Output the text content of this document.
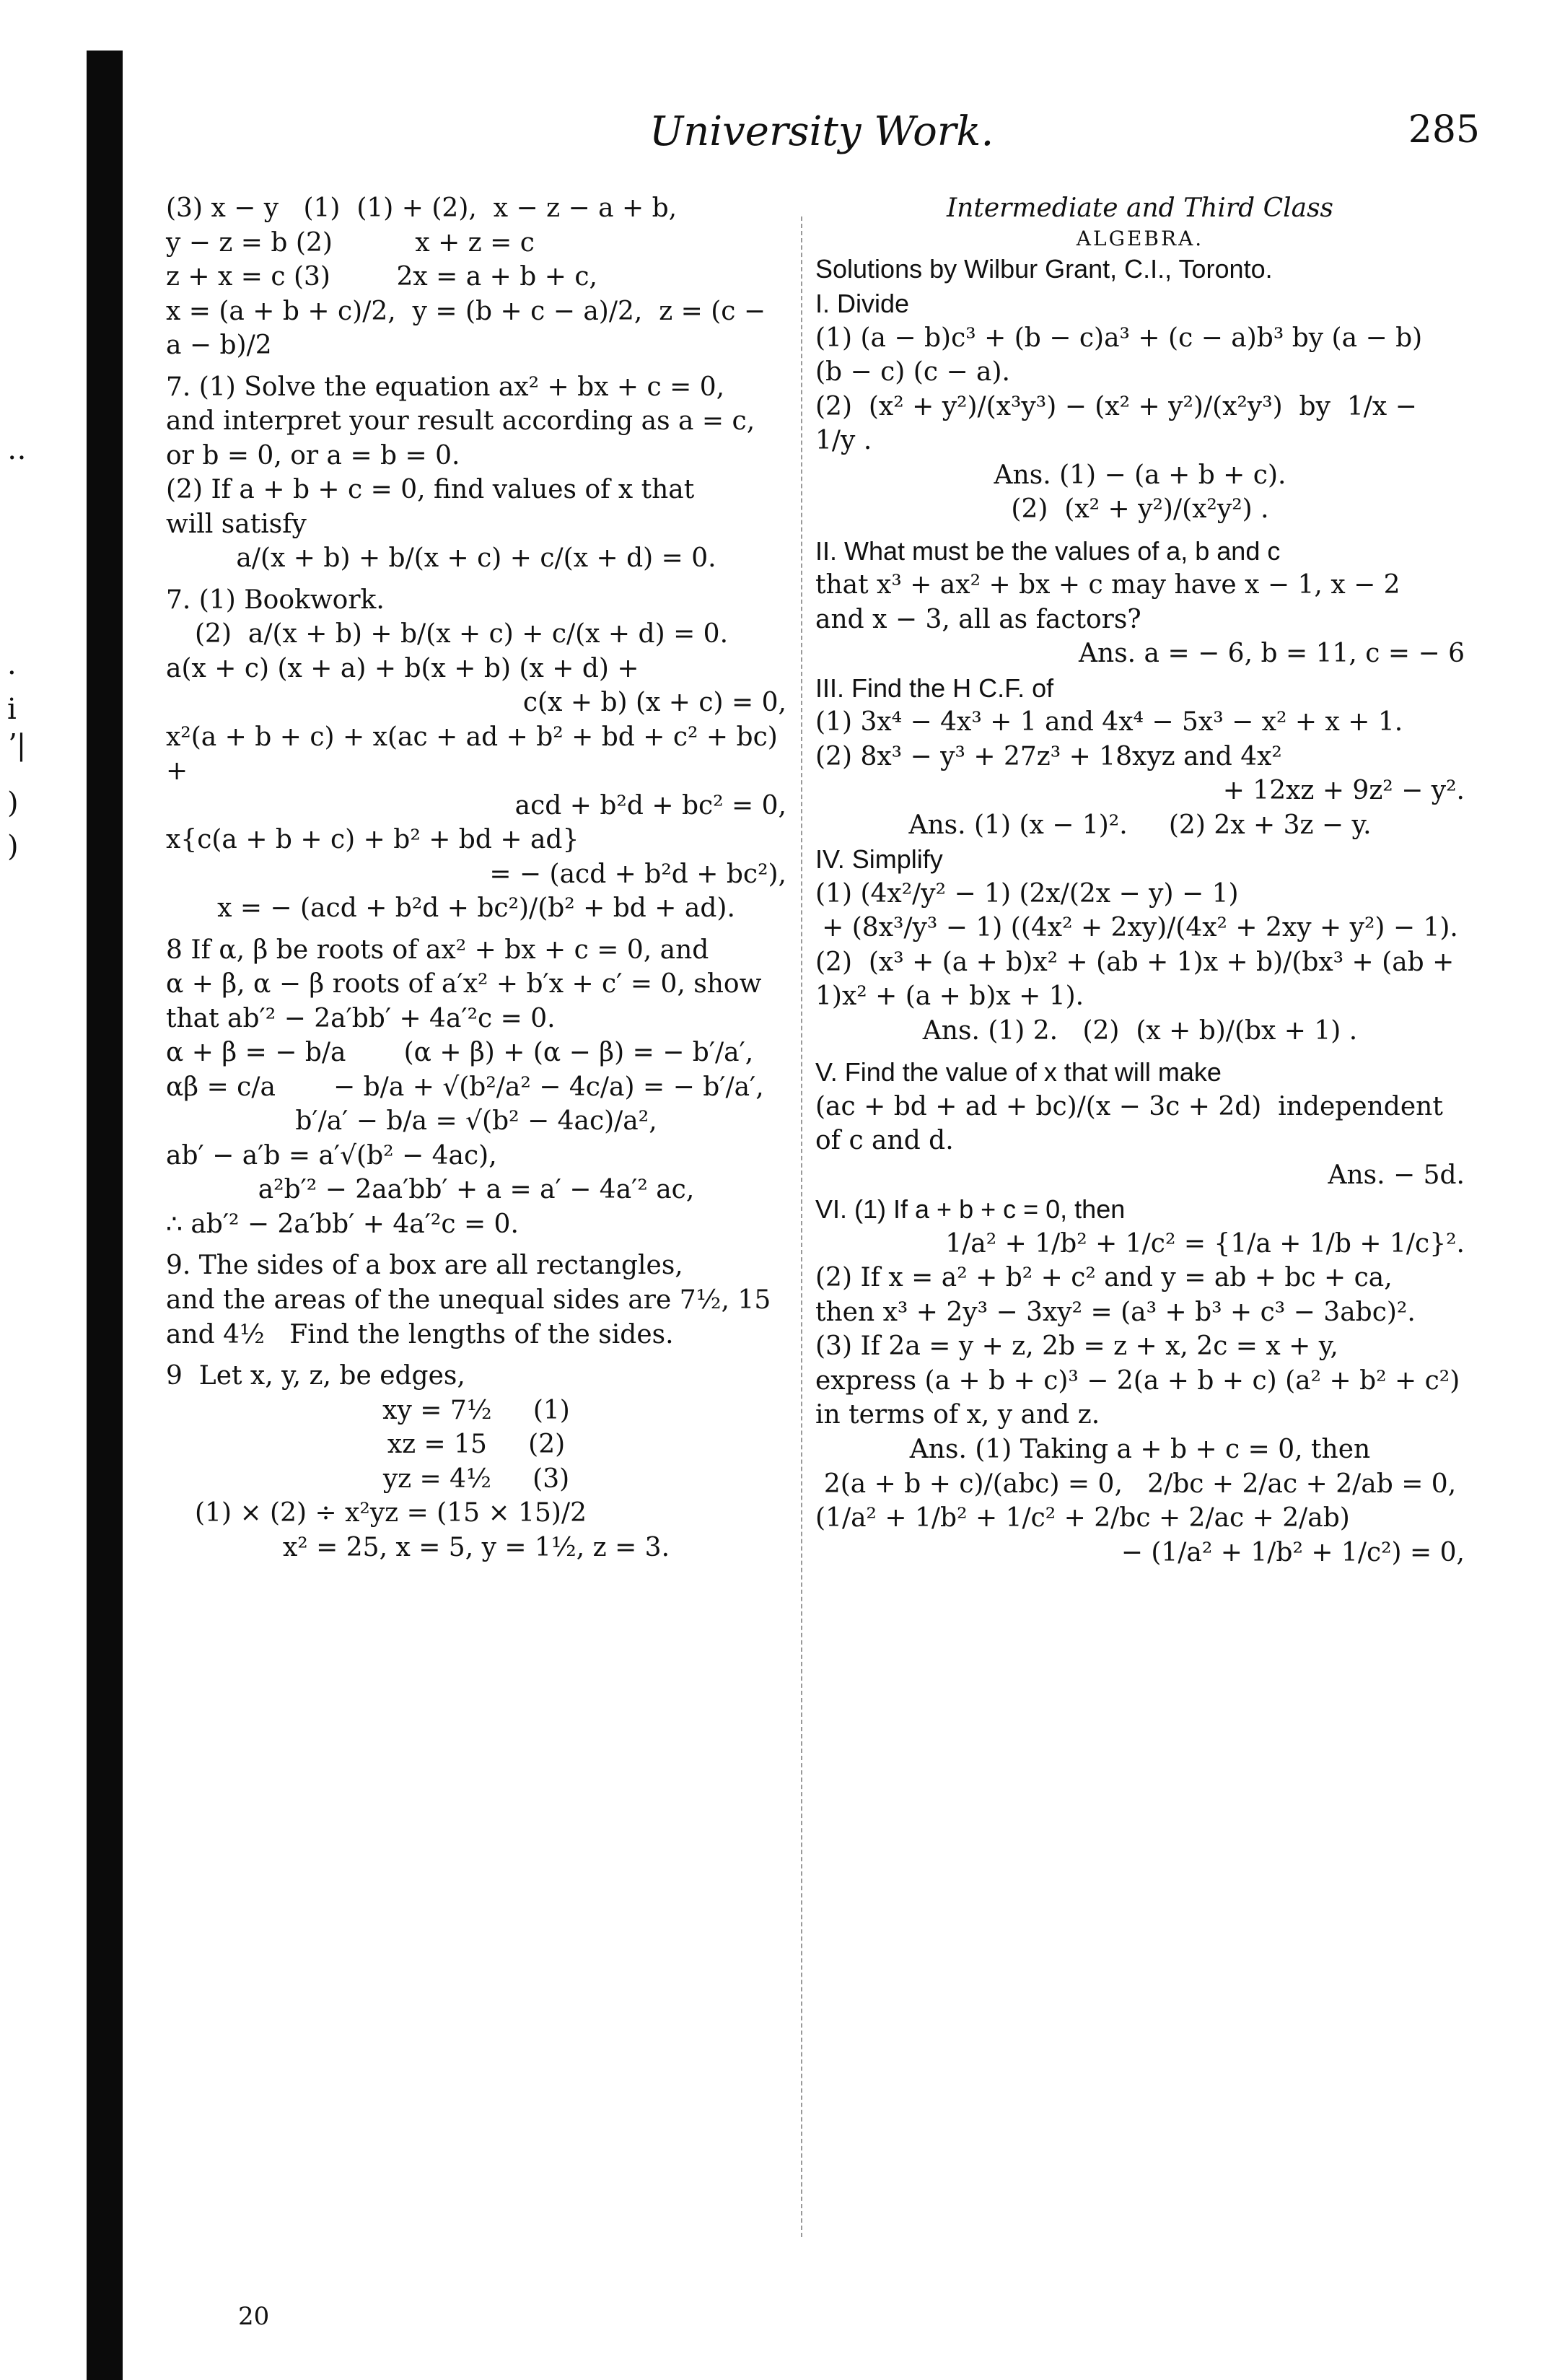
‥
·
i
ʼ|
)
)
University Work.	285

(3) x − y   (1)  (1) + (2),  x − z − a + b,

y − z = b (2)          x + z = c

z + x = c (3)        2x = a + b + c,

x = (a + b + c)/2,  y = (b + c − a)/2,  z = (c − a − b)/2

7. (1) Solve the equation ax² + bx + c = 0,

and interpret your result according as a = c,

or b = 0, or a = b = 0.

(2) If a + b + c = 0, find values of x that

will satisfy

a/(x + b) + b/(x + c) + c/(x + d) = 0.

7. (1) Bookwork.

(2)  a/(x + b) + b/(x + c) + c/(x + d) = 0.

a(x + c) (x + a) + b(x + b) (x + d) +

c(x + b) (x + c) = 0,

x²(a + b + c) + x(ac + ad + b² + bd + c² + bc) +

acd + b²d + bc² = 0,

x{c(a + b + c) + b² + bd + ad}

= − (acd + b²d + bc²),

x = − (acd + b²d + bc²)/(b² + bd + ad).

8 If α, β be roots of ax² + bx + c = 0, and

α + β, α − β roots of a′x² + b′x + c′ = 0, show

that ab′² − 2a′bb′ + 4a′²c = 0.

α + β = − b/a       (α + β) + (α − β) = − b′/a′,

αβ = c/a       − b/a + √(b²/a² − 4c/a) = − b′/a′,

b′/a′ − b/a = √(b² − 4ac)/a²,

ab′ − a′b = a′√(b² − 4ac),

a²b′² − 2aa′bb′ + a = a′ − 4a′² ac,

∴ ab′² − 2a′bb′ + 4a′²c = 0.

9. The sides of a box are all rectangles,

and the areas of the unequal sides are 7½, 15

and 4½   Find the lengths of the sides.

9  Let x, y, z, be edges,

xy = 7½     (1)

xz = 15     (2)

yz = 4½     (3)

(1) × (2) ÷ x²yz = (15 × 15)/2

x² = 25, x = 5, y = 1½, z = 3.

Intermediate and Third Class

ALGEBRA.

Solutions by Wilbur Grant, C.I., Toronto.

I. Divide

(1) (a − b)c³ + (b − c)a³ + (c − a)b³ by (a − b)

(b − c) (c − a).

(2)  (x² + y²)/(x³y³) − (x² + y²)/(x²y³)  by  1/x − 1/y .

Ans. (1) − (a + b + c).

(2)  (x² + y²)/(x²y²) .

II. What must be the values of a, b and c

that x³ + ax² + bx + c may have x − 1, x − 2

and x − 3, all as factors?

Ans. a = − 6, b = 11, c = − 6

III. Find the H C.F. of

(1) 3x⁴ − 4x³ + 1 and 4x⁴ − 5x³ − x² + x + 1.

(2) 8x³ − y³ + 27z³ + 18xyz and 4x²

+ 12xz + 9z² − y².

Ans. (1) (x − 1)².     (2) 2x + 3z − y.

IV. Simplify

(1) (4x²/y² − 1) (2x/(2x − y) − 1)

+ (8x³/y³ − 1) ((4x² + 2xy)/(4x² + 2xy + y²) − 1).

(2)  (x³ + (a + b)x² + (ab + 1)x + b)/(bx³ + (ab + 1)x² + (a + b)x + 1).

Ans. (1) 2.   (2)  (x + b)/(bx + 1) .

V. Find the value of x that will make

(ac + bd + ad + bc)/(x − 3c + 2d)  independent of c and d.

Ans. − 5d.

VI. (1) If a + b + c = 0, then

1/a² + 1/b² + 1/c² = {1/a + 1/b + 1/c}².

(2) If x = a² + b² + c² and y = ab + bc + ca,

then x³ + 2y³ − 3xy² = (a³ + b³ + c³ − 3abc)².

(3) If 2a = y + z, 2b = z + x, 2c = x + y,

express (a + b + c)³ − 2(a + b + c) (a² + b² + c²)

in terms of x, y and z.

Ans. (1) Taking a + b + c = 0, then

2(a + b + c)/(abc) = 0,   2/bc + 2/ac + 2/ab = 0,

(1/a² + 1/b² + 1/c² + 2/bc + 2/ac + 2/ab)

− (1/a² + 1/b² + 1/c²) = 0,

20
